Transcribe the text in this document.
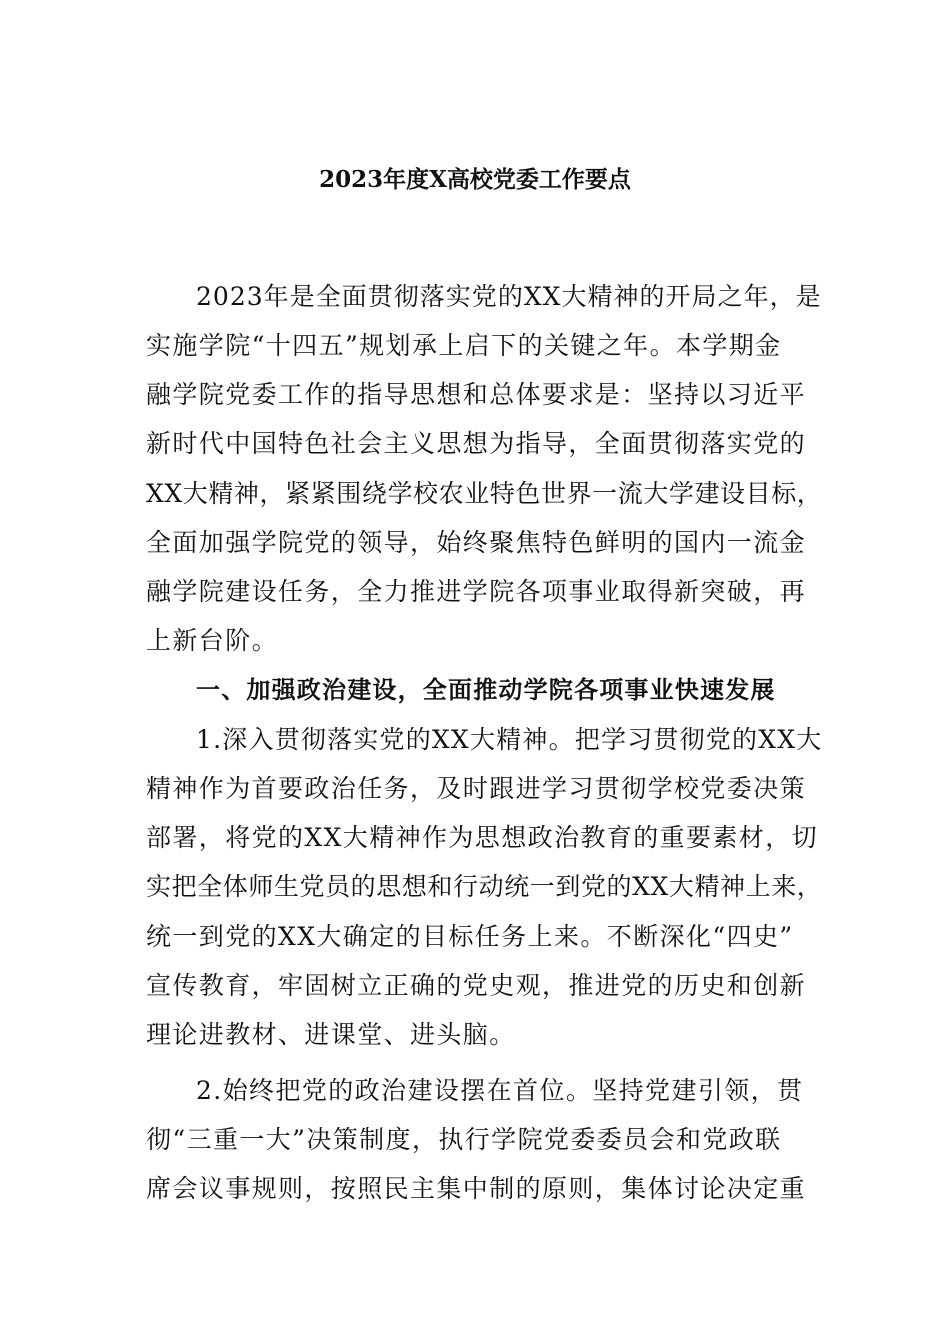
2023年度X高校党委工作要点
2023年是全面贯彻落实党的XX大精神的开局之年，是
实施学院“十四五”规划承上启下的关键之年。本学期金
融学院党委工作的指导思想和总体要求是：坚持以习近平
新时代中国特色社会主义思想为指导，全面贯彻落实党的
XX大精神，紧紧围绕学校农业特色世界一流大学建设目标，
全面加强学院党的领导，始终聚焦特色鲜明的国内一流金
融学院建设任务，全力推进学院各项事业取得新突破，再
上新台阶。
一、加强政治建设，全面推动学院各项事业快速发展
1.深入贯彻落实党的XX大精神。把学习贯彻党的XX大
精神作为首要政治任务，及时跟进学习贯彻学校党委决策
部署，将党的XX大精神作为思想政治教育的重要素材，切
实把全体师生党员的思想和行动统一到党的XX大精神上来，
统一到党的XX大确定的目标任务上来。不断深化“四史”
宣传教育，牢固树立正确的党史观，推进党的历史和创新
理论进教材、进课堂、进头脑。
2.始终把党的政治建设摆在首位。坚持党建引领，贯
彻“三重一大”决策制度，执行学院党委委员会和党政联
席会议事规则，按照民主集中制的原则，集体讨论决定重
